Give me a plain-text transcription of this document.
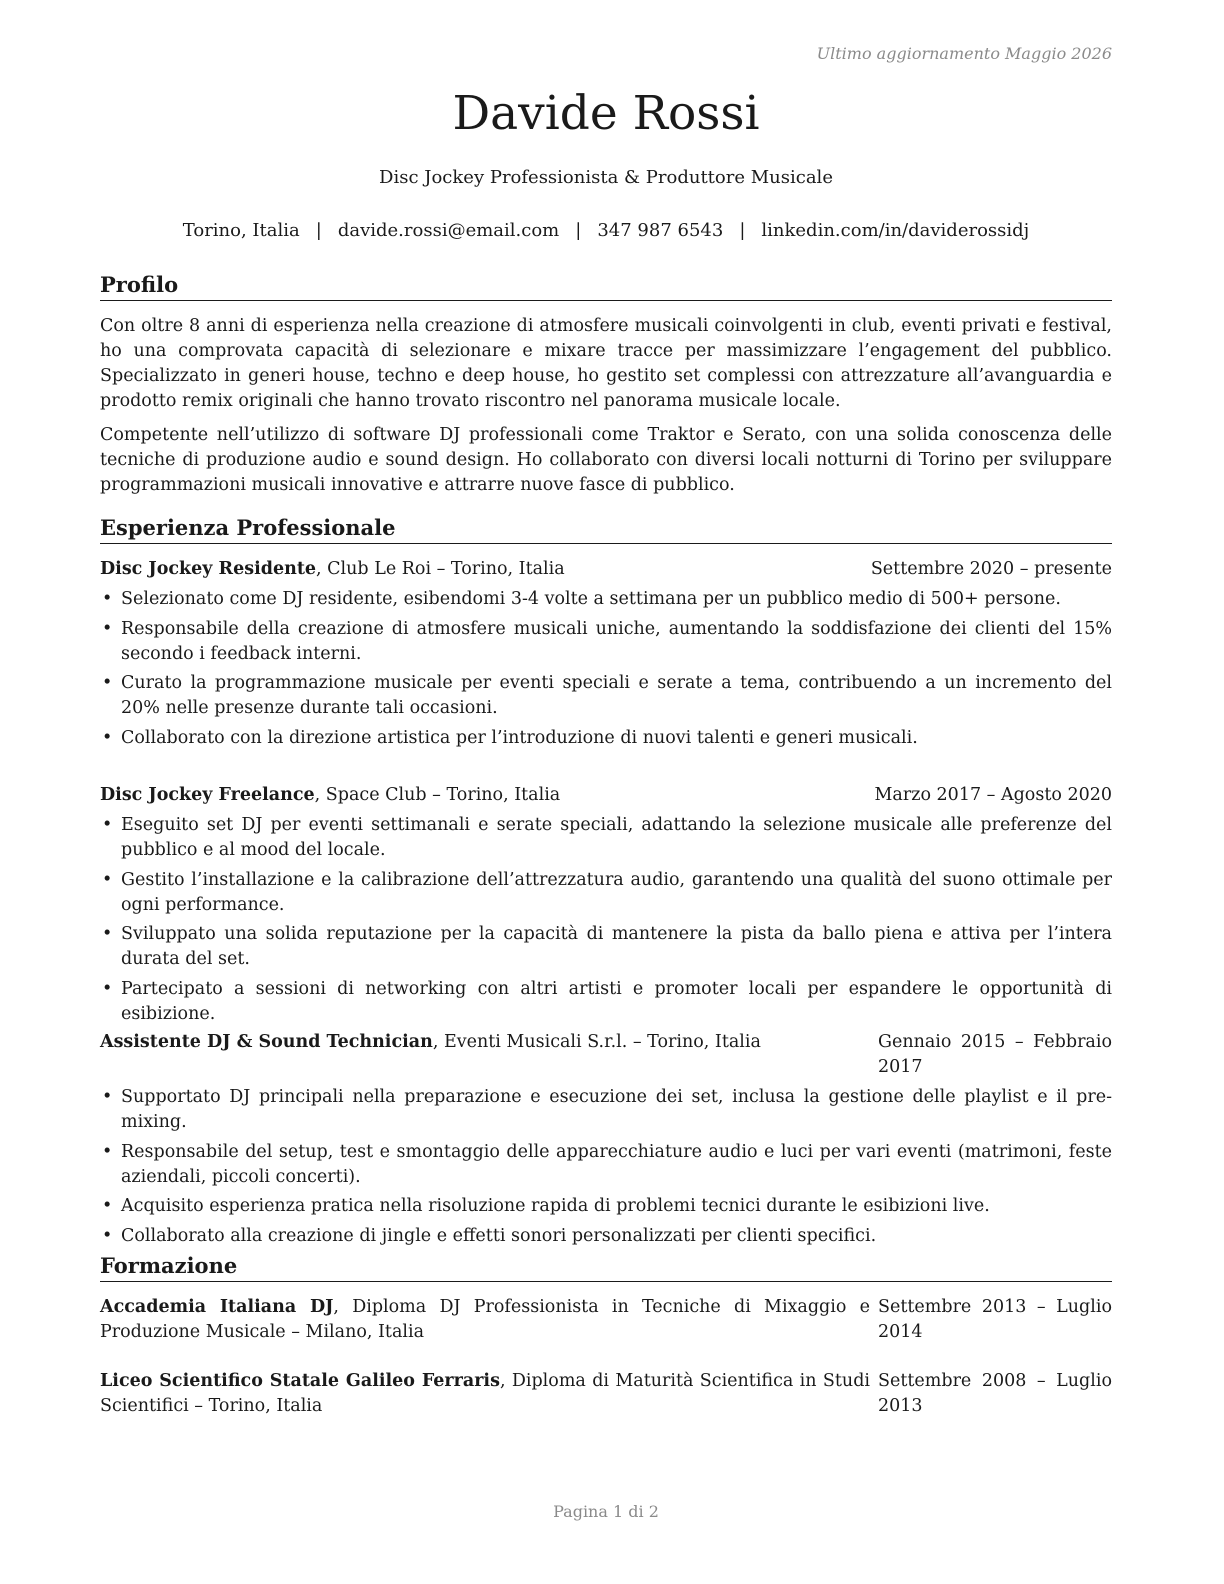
Ultimo aggiornamento Maggio 2026
Davide Rossi
Disc Jockey Professionista & Produttore Musicale
Torino, Italia | davide.rossi@email.com | 347 987 6543 | linkedin.com/in/daviderossidj
Profilo

Con oltre 8 anni di esperienza nella creazione di atmosfere musicali coinvolgenti in club, eventi privati e festival, ho una comprovata capacità di selezionare e mixare tracce per massimizzare l’engagement del pubblico. Specializzato in generi house, techno e deep house, ho gestito set complessi con attrezzature all’avanguardia e prodotto remix originali che hanno trovato riscontro nel panorama musicale locale.

Competente nell’utilizzo di software DJ professionali come Traktor e Serato, con una solida conoscenza delle tecniche di produzione audio e sound design. Ho collaborato con diversi locali notturni di Torino per sviluppare programmazioni musicali innovative e attrarre nuove fasce di pubblico.

Esperienza Professionale
Disc Jockey Residente, Club Le Roi – Torino, Italia	Settembre 2020 – presente
• Selezionato come DJ residente, esibendomi 3-4 volte a settimana per un pubblico medio di 500+ persone.
• Responsabile della creazione di atmosfere musicali uniche, aumentando la soddisfazione dei clienti del 15% secondo i feedback interni.
• Curato la programmazione musicale per eventi speciali e serate a tema, contribuendo a un incremento del 20% nelle presenze durante tali occasioni.
• Collaborato con la direzione artistica per l’introduzione di nuovi talenti e generi musicali.
Disc Jockey Freelance, Space Club – Torino, Italia	Marzo 2017 – Agosto 2020
• Eseguito set DJ per eventi settimanali e serate speciali, adattando la selezione musicale alle preferenze del pubblico e al mood del locale.
• Gestito l’installazione e la calibrazione dell’attrezzatura audio, garantendo una qualità del suono ottimale per ogni performance.
• Sviluppato una solida reputazione per la capacità di mantenere la pista da ballo piena e attiva per l’intera durata del set.
• Partecipato a sessioni di networking con altri artisti e promoter locali per espandere le opportunità di esibizione.
Assistente DJ & Sound Technician, Eventi Musicali S.r.l. – Torino, Italia	Gennaio 2015 – Febbraio 2017
• Supportato DJ principali nella preparazione e esecuzione dei set, inclusa la gestione delle playlist e il pre-mixing.
• Responsabile del setup, test e smontaggio delle apparecchiature audio e luci per vari eventi (matrimoni, feste aziendali, piccoli concerti).
• Acquisito esperienza pratica nella risoluzione rapida di problemi tecnici durante le esibizioni live.
• Collaborato alla creazione di jingle e effetti sonori personalizzati per clienti specifici.
Formazione
Accademia Italiana DJ, Diploma DJ Professionista in Tecniche di Mixaggio e Produzione Musicale – Milano, Italia
Settembre 2013 – Luglio 2014
Liceo Scientifico Statale Galileo Ferraris, Diploma di Maturità Scientifica in Studi Scientifici – Torino, Italia
Settembre 2008 – Luglio 2013
Pagina 1 di 2
